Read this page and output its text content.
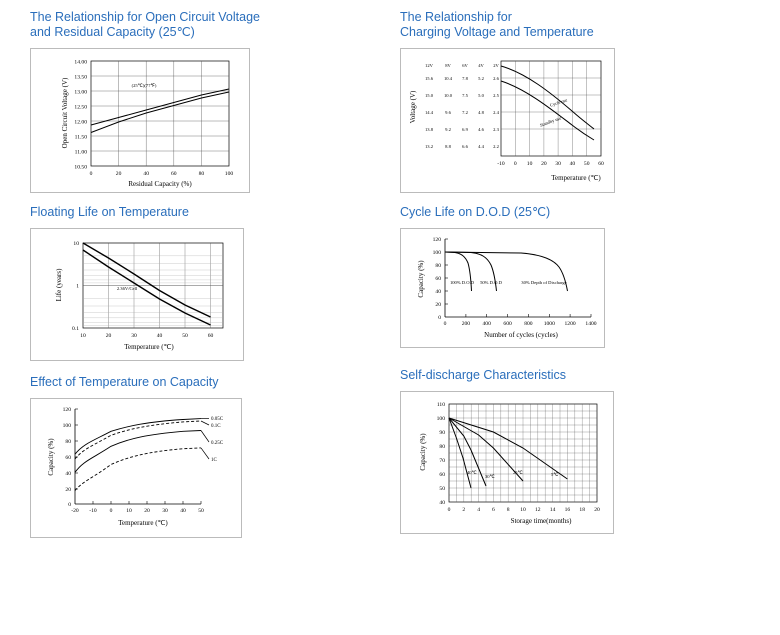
The Relationship for Open Circuit Voltage
and Residual Capacity (25℃)
(25℃)(77℉)
14.00
13.50
13.00
12.50
12.00
11.50
11.00
10.50
0	20	40	60	80	100
Residual Capacity (%)
Open Circuit Voltage (V)
The Relationship for
Charging Voltage and Temperature
12V	8V 6V 4V 2V
15.6
15.0
14.4
13.8
13.2
10.4
10.0
9.6
9.2
8.8
7.8
7.5
7.2
6.9
6.6
5.2
5.0
4.8
4.6
4.4
2.6
2.5
2.4
2.3
2.2
Cycle use
Standby use
-10 0 10 20 30 40 50 60
Temperature (℃)
Voltage (V)
Floating Life on Temperature
2.36V/Cell
10
1
0.1
10	20	30	40	50	60
Temperature (℃)
Life (years)
Cycle Life on D.O.D (25℃)
120
100
80
60
40
20
0
0	200 400 600 800 1000 1200 1400
100% D.O.D 50% D.O.D	30% Depth of Discharge
Number of cycles (cycles)
Capacity (%)
Effect of Temperature on Capacity
120
100
80
60
40
20
0
-20 -10 0 10 20 30 40 50
0.05C
0.1C
0.25C
1C
Temperature (℃)
Capacity (%)
Self-discharge Characteristics
110
100
90
80
70
60
50
40
0 2 4 6 8 10 12 14 16 18 20
40℃
30℃
25℃	5℃
Storage time(months)
Capacity (%)
